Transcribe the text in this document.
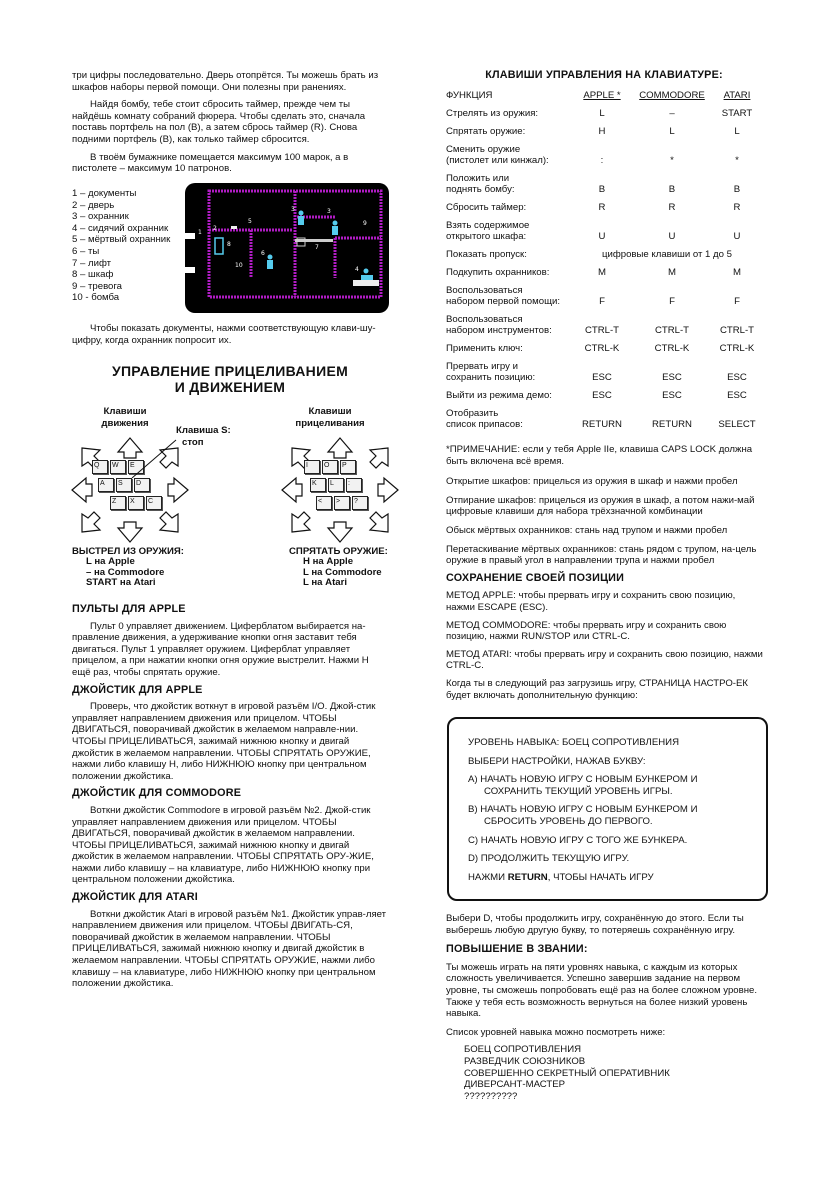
три цифры последовательно. Дверь отопрётся. Ты можешь брать из шкафов наборы первой помощи. Они полезны при ранениях.

Найдя бомбу, тебе стоит сбросить таймер, прежде чем ты найдёшь комнату собраний фюрера. Чтобы сделать это, сначала поставь портфель на пол (B), а затем сбрось таймер (R). Снова подними портфель (B), как только таймер сбросится.

В твоём бумажнике помещается максимум 100 марок, а в пистолете – максимум 10 патронов.

1 – документы
2 – дверь
3 – охранник
4 – сидячий охранник
5 – мёртвый охранник
6 – ты
7 – лифт
8 – шкаф
9 – тревога
10 - бомба
1
2
3	3
4
5
6
7
8
9
10

Чтобы показать документы, нажми соответствующую клави-шу-цифру, когда охранник попросит их.

УПРАВЛЕНИЕ ПРИЦЕЛИВАНИЕМ
И ДВИЖЕНИЕМ
Клавиши
движения
Клавиши
прицеливания
Клавиша S:
стоп
Q	W	E
A	S	D
Z	X	C
I	O	P
K	L	:
<	>	?
ВЫСТРЕЛ ИЗ ОРУЖИЯ:
L на Apple
– на Commodore
START на Atari
СПРЯТАТЬ ОРУЖИЕ:
H на Apple
L на Commodore
L на Atari
ПУЛЬТЫ ДЛЯ APPLE

Пульт 0 управляет движением. Циферблатом выбирается на-правление движения, а удерживание кнопки огня заставит тебя двигаться. Пульт 1 управляет оружием. Циферблат управляет прицелом, а при нажатии кнопки огня оружие выстрелит. Нажми H ещё раз, чтобы спрятать оружие.

ДЖОЙСТИК ДЛЯ APPLE

Проверь, что джойстик воткнут в игровой разъём I/O. Джой-стик управляет направлением движения или прицелом. ЧТОБЫ ДВИГАТЬСЯ, поворачивай джойстик в желаемом направле-нии. ЧТОБЫ ПРИЦЕЛИВАТЬСЯ, зажимай нижнюю кнопку и двигай джойстик в желаемом направлении. ЧТОБЫ СПРЯТАТЬ ОРУЖИЕ, нажми либо клавишу H, либо НИЖНЮЮ кнопку при центральном положении джойстика.

ДЖОЙСТИК ДЛЯ COMMODORE

Воткни джойстик Commodore в игровой разъём №2. Джой-стик управляет направлением движения или прицелом. ЧТОБЫ ДВИГАТЬСЯ, поворачивай джойстик в желаемом направлении. ЧТОБЫ ПРИЦЕЛИВАТЬСЯ, зажимай нижнюю кнопку и двигай джойстик в желаемом направлении. ЧТОБЫ СПРЯТАТЬ ОРУ-ЖИЕ, нажми либо клавишу – на клавиатуре, либо НИЖНЮЮ кнопку при центральном положении джойстика.

ДЖОЙСТИК ДЛЯ ATARI

Воткни джойстик Atari в игровой разъём №1. Джойстик управ-ляет направлением движения или прицелом. ЧТОБЫ ДВИГАТЬ-СЯ, поворачивай джойстик в желаемом направлении. ЧТОБЫ ПРИЦЕЛИВАТЬСЯ, зажимай нижнюю кнопку и двигай джойстик в желаемом направлении. ЧТОБЫ СПРЯТАТЬ ОРУЖИЕ, нажми либо клавишу – на клавиатуре, либо НИЖНЮЮ кнопку при центральном положении джойстика.

КЛАВИШИ УПРАВЛЕНИЯ НА КЛАВИАТУРЕ:
ФУНКЦИЯ	APPLE *	COMMODORE	ATARI
Стрелять из оружия:	L	–	START
Спрятать оружие:	H	L	L

Сменить оружие
(пистолет или кинжал):	:	*	*

Положить или
поднять бомбу:	B	B	B
Сбросить таймер:	R	R	R

Взять содержимое
открытого шкафа:	U	U	U
Показать пропуск:	цифровые клавиши от 1 до 5		
Подкупить охранников:	M	M	M

Воспользоваться
набором первой помощи:	F	F	F

Воспользоваться
набором инструментов:	CTRL-T	CTRL-T	CTRL-T
Применить ключ:	CTRL-K	CTRL-K	CTRL-K

Прервать игру и
сохранить позицию:	ESC	ESC	ESC
Выйти из режима демо:	ESC	ESC	ESC

Отобразить
список припасов:	RETURN	RETURN	SELECT

*ПРИМЕЧАНИЕ: если у тебя Apple IIe, клавиша CAPS LOCK должна быть включена всё время.

Открытие шкафов: прицелься из оружия в шкаф и нажми пробел

Отпирание шкафов: прицелься из оружия в шкаф, а потом нажи-май цифровые клавиши для набора трёхзначной комбинации

Обыск мёртвых охранников: стань над трупом и нажми пробел

Перетаскивание мёртвых охранников: стань рядом с трупом, на-цель оружие в правый угол в направлении трупа и нажми пробел

СОХРАНЕНИЕ СВОЕЙ ПОЗИЦИИ

МЕТОД APPLE: чтобы прервать игру и сохранить свою позицию, нажми ESCAPE (ESC).

МЕТОД COMMODORE: чтобы прервать игру и сохранить свою позицию, нажми RUN/STOP или CTRL-C.

МЕТОД ATARI: чтобы прервать игру и сохранить свою позицию, нажми CTRL-C.

Когда ты в следующий раз загрузишь игру, СТРАНИЦА НАСТРО-ЕК будет включать дополнительную функцию:

УРОВЕНЬ НАВЫКА: БОЕЦ СОПРОТИВЛЕНИЯ

ВЫБЕРИ НАСТРОЙКИ, НАЖАВ БУКВУ:

A) НАЧАТЬ НОВУЮ ИГРУ С НОВЫМ БУНКЕРОМ И

СОХРАНИТЬ ТЕКУЩИЙ УРОВЕНЬ ИГРЫ.

B) НАЧАТЬ НОВУЮ ИГРУ С НОВЫМ БУНКЕРОМ И

СБРОСИТЬ УРОВЕНЬ ДО ПЕРВОГО.

C) НАЧАТЬ НОВУЮ ИГРУ С ТОГО ЖЕ БУНКЕРА.

D) ПРОДОЛЖИТЬ ТЕКУЩУЮ ИГРУ.

НАЖМИ RETURN, ЧТОБЫ НАЧАТЬ ИГРУ

Выбери D, чтобы продолжить игру, сохранённую до этого. Если ты выберешь любую другую букву, то потеряешь сохранённую игру.

ПОВЫШЕНИЕ В ЗВАНИИ:

Ты можешь играть на пяти уровнях навыка, с каждым из которых сложность увеличивается. Успешно завершив задание на первом уровне, ты сможешь попробовать ещё раз на более сложном уровне. Также у тебя есть возможность вернуться на более низкий уровень навыка.

Список уровней навыка можно посмотреть ниже:

БОЕЦ СОПРОТИВЛЕНИЯ
РАЗВЕДЧИК СОЮЗНИКОВ
СОВЕРШЕННО СЕКРЕТНЫЙ ОПЕРАТИВНИК
ДИВЕРСАНТ-МАСТЕР
??????????
